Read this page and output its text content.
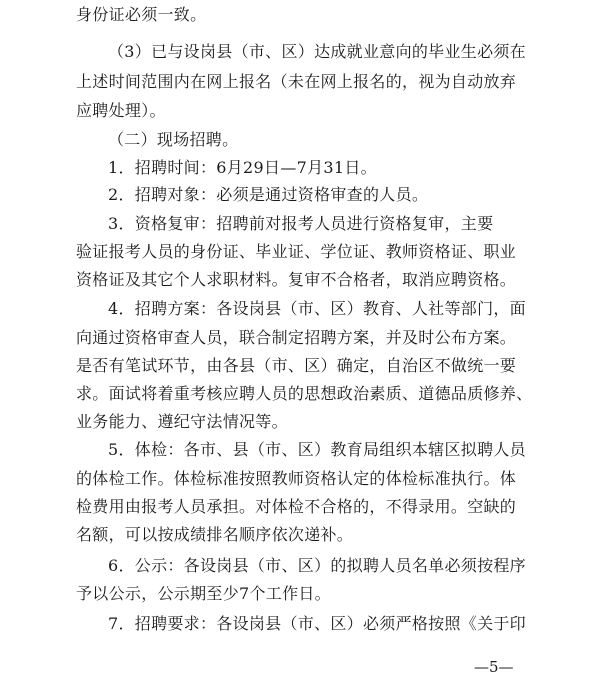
身份证必须一致。

（3）已与设岗县（市、区）达成就业意向的毕业生必须在

上述时间范围内在网上报名（未在网上报名的，视为自动放弃

应聘处理）。

（二）现场招聘。

1．招聘时间：6月29日—7月31日。

2．招聘对象：必须是通过资格审查的人员。

3．资格复审：招聘前对报考人员进行资格复审，主要

验证报考人员的身份证、毕业证、学位证、教师资格证、职业

资格证及其它个人求职材料。复审不合格者，取消应聘资格。

4．招聘方案：各设岗县（市、区）教育、人社等部门，面

向通过资格审查人员，联合制定招聘方案，并及时公布方案。

是否有笔试环节，由各县（市、区）确定，自治区不做统一要

求。面试将着重考核应聘人员的思想政治素质、道德品质修养、

业务能力、遵纪守法情况等。

5．体检：各市、县（市、区）教育局组织本辖区拟聘人员

的体检工作。体检标准按照教师资格认定的体检标准执行。体

检费用由报考人员承担。对体检不合格的，不得录用。空缺的

名额，可以按成绩排名顺序依次递补。

6．公示：各设岗县（市、区）的拟聘人员名单必须按程序

予以公示，公示期至少7个工作日。

7．招聘要求：各设岗县（市、区）必须严格按照《关于印

—5—
